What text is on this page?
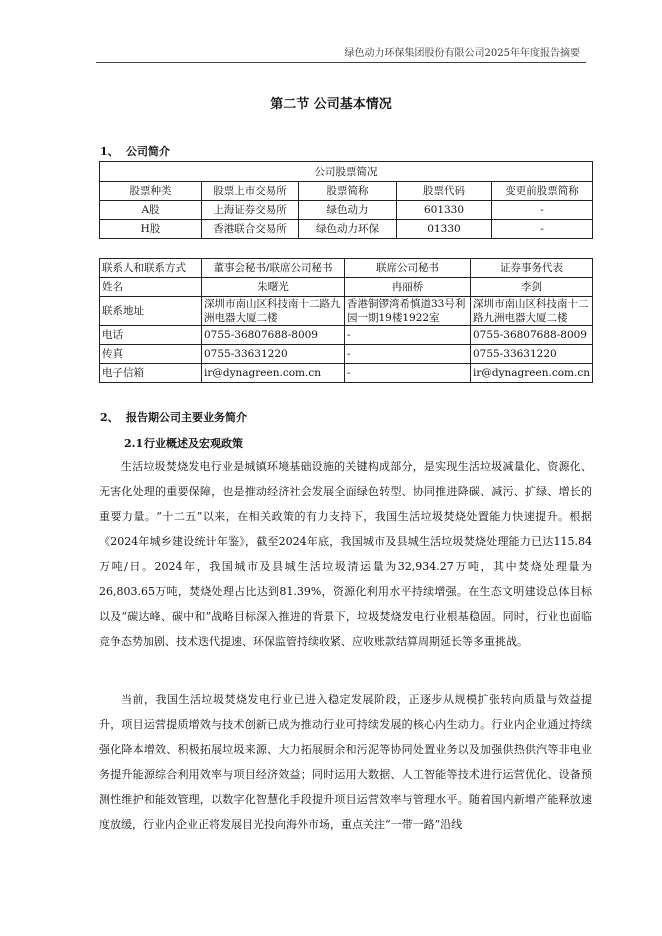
绿色动力环保集团股份有限公司2025年年度报告摘要
第二节 公司基本情况
1、 公司简介
公司股票简况				
股票种类	股票上市交易所	股票简称	股票代码	变更前股票简称
A股	上海证券交易所	绿色动力	601330	-
H股	香港联合交易所	绿色动力环保	01330	-
联系人和联系方式	董事会秘书/联席公司秘书	联席公司秘书	证券事务代表
姓名	朱曙光	冉丽桥	李剑
联系地址	深圳市南山区科技南十二路九洲电器大厦二楼	香港铜锣湾希慎道33号利园一期19楼1922室	深圳市南山区科技南十二路九洲电器大厦二楼
电话	0755-36807688-8009	-	0755-36807688-8009
传真	0755-33631220	-	0755-33631220
电子信箱	ir@dynagreen.com.cn	-	ir@dynagreen.com.cn
2、 报告期公司主要业务简介
2.1行业概述及宏观政策

生活垃圾焚烧发电行业是城镇环境基础设施的关键构成部分，是实现生活垃圾减量化、资源化、无害化处理的重要保障，也是推动经济社会发展全面绿色转型、协同推进降碳、减污、扩绿、增长的重要力量。“十二五”以来，在相关政策的有力支持下，我国生活垃圾焚烧处置能力快速提升。根据《2024年城乡建设统计年鉴》，截至2024年底，我国城市及县城生活垃圾焚烧处理能力已达115.84万吨/日。2024年，我国城市及县城生活垃圾清运量为32,934.27万吨，其中焚烧处理量为26,803.65万吨，焚烧处理占比达到81.39%，资源化利用水平持续增强。在生态文明建设总体目标以及“碳达峰、碳中和”战略目标深入推进的背景下，垃圾焚烧发电行业根基稳固。同时，行业也面临竞争态势加剧、技术迭代提速、环保监管持续收紧、应收账款结算周期延长等多重挑战。

当前，我国生活垃圾焚烧发电行业已进入稳定发展阶段，正逐步从规模扩张转向质量与效益提升，项目运营提质增效与技术创新已成为推动行业可持续发展的核心内生动力。行业内企业通过持续强化降本增效、积极拓展垃圾来源、大力拓展厨余和污泥等协同处置业务以及加强供热供汽等非电业务提升能源综合利用效率与项目经济效益；同时运用大数据、人工智能等技术进行运营优化、设备预测性维护和能效管理，以数字化智慧化手段提升项目运营效率与管理水平。随着国内新增产能释放速度放缓，行业内企业正将发展目光投向海外市场，重点关注“一带一路”沿线
